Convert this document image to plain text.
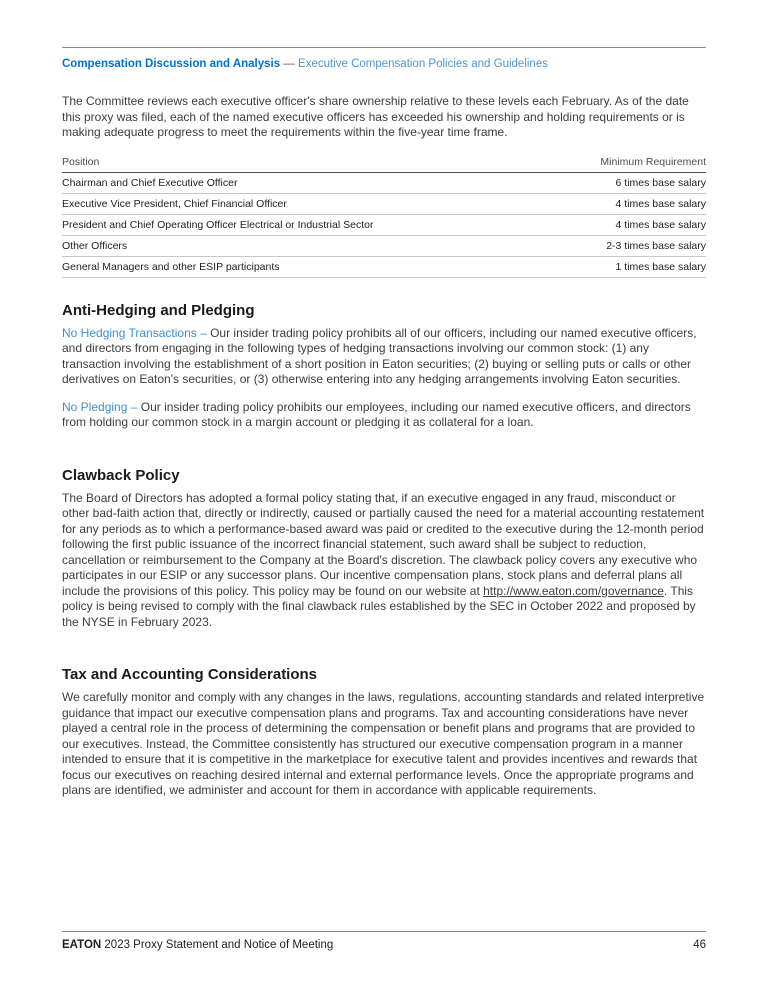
Compensation Discussion and Analysis — Executive Compensation Policies and Guidelines

The Committee reviews each executive officer's share ownership relative to these levels each February. As of the date this proxy was filed, each of the named executive officers has exceeded his ownership and holding requirements or is making adequate progress to meet the requirements within the five-year time frame.

Position	Minimum Requirement
Chairman and Chief Executive Officer	6 times base salary
Executive Vice President, Chief Financial Officer	4 times base salary
President and Chief Operating Officer Electrical or Industrial Sector	4 times base salary
Other Officers	2-3 times base salary
General Managers and other ESIP participants	1 times base salary
Anti-Hedging and Pledging

No Hedging Transactions – Our insider trading policy prohibits all of our officers, including our named executive officers, and directors from engaging in the following types of hedging transactions involving our common stock: (1) any transaction involving the establishment of a short position in Eaton securities; (2) buying or selling puts or calls or other derivatives on Eaton's securities, or (3) otherwise entering into any hedging arrangements involving Eaton securities.

No Pledging – Our insider trading policy prohibits our employees, including our named executive officers, and directors from holding our common stock in a margin account or pledging it as collateral for a loan.

Clawback Policy

The Board of Directors has adopted a formal policy stating that, if an executive engaged in any fraud, misconduct or other bad-faith action that, directly or indirectly, caused or partially caused the need for a material accounting restatement for any periods as to which a performance-based award was paid or credited to the executive during the 12-month period following the first public issuance of the incorrect financial statement, such award shall be subject to reduction, cancellation or reimbursement to the Company at the Board's discretion. The clawback policy covers any executive who participates in our ESIP or any successor plans. Our incentive compensation plans, stock plans and deferral plans all include the provisions of this policy. This policy may be found on our website at http://www.eaton.com/governance. This policy is being revised to comply with the final clawback rules established by the SEC in October 2022 and proposed by the NYSE in February 2023.

Tax and Accounting Considerations

We carefully monitor and comply with any changes in the laws, regulations, accounting standards and related interpretive guidance that impact our executive compensation plans and programs. Tax and accounting considerations have never played a central role in the process of determining the compensation or benefit plans and programs that are provided to our executives. Instead, the Committee consistently has structured our executive compensation program in a manner intended to ensure that it is competitive in the marketplace for executive talent and provides incentives and rewards that focus our executives on reaching desired internal and external performance levels. Once the appropriate programs and plans are identified, we administer and account for them in accordance with applicable requirements.

EATON 2023 Proxy Statement and Notice of Meeting	46
